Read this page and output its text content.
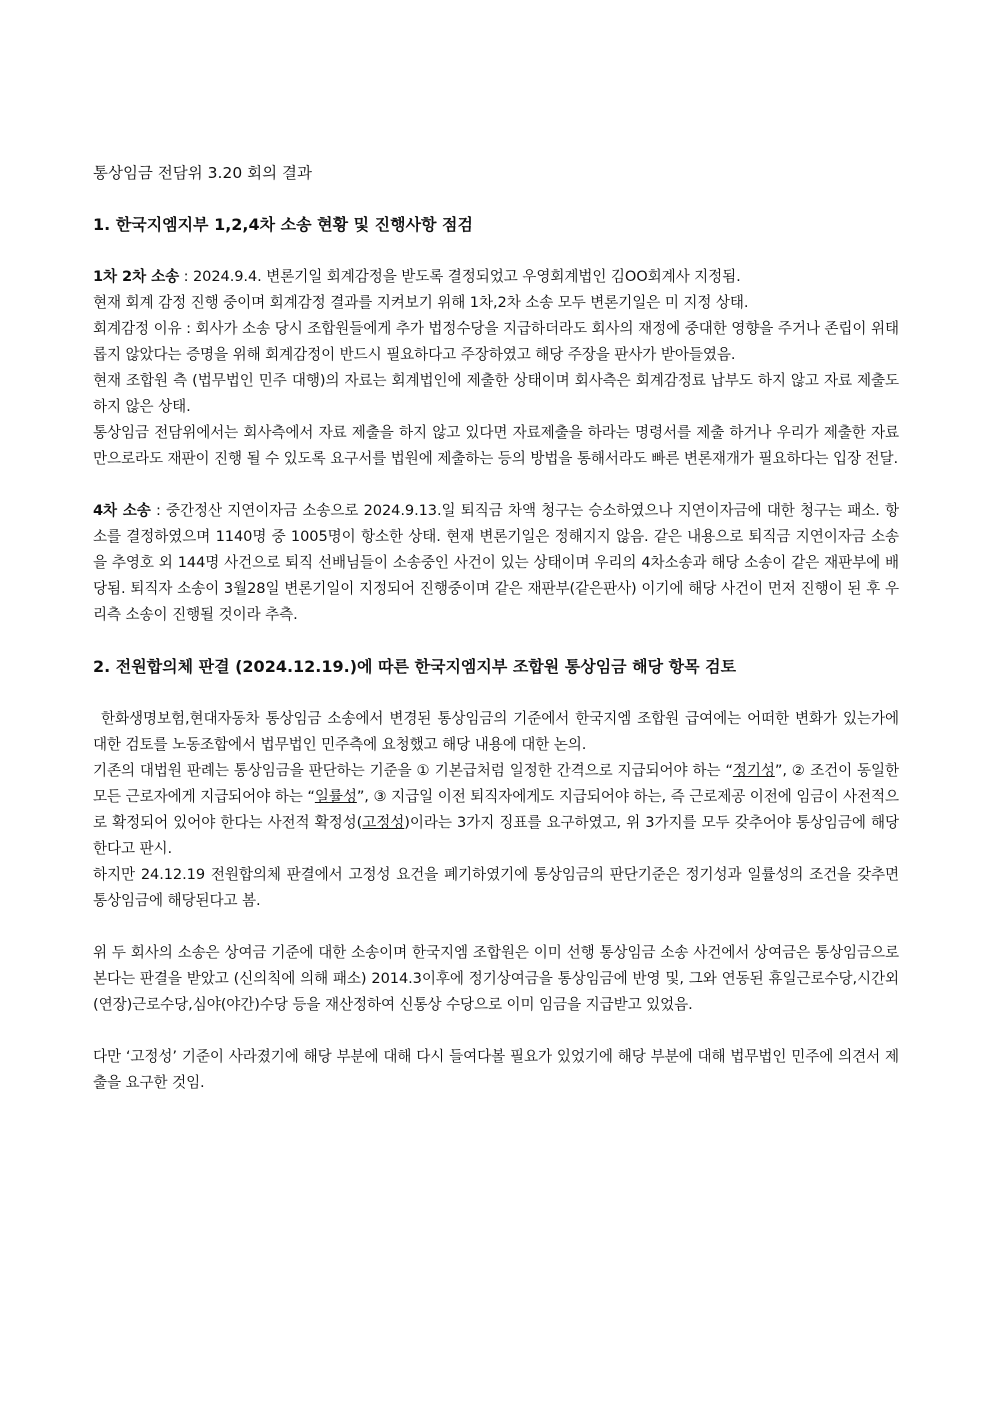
통상임금 전담위 3.20 회의 결과
1. 한국지엠지부 1,2,4차 소송 현황 및 진행사항 점검

1차 2차 소송 : 2024.9.4. 변론기일 회계감정을 받도록 결정되었고 우영회계법인 김OO회계사 지정됨.

현재 회계 감정 진행 중이며 회계감정 결과를 지켜보기 위해 1차,2차 소송 모두 변론기일은 미 지정 상태.

회계감정 이유 : 회사가 소송 당시 조합원들에게 추가 법정수당을 지급하더라도 회사의 재정에 중대한 영향을 주거나 존립이 위태롭지 않았다는 증명을 위해 회계감정이 반드시 필요하다고 주장하였고 해당 주장을 판사가 받아들였음.

현재 조합원 측 (법무법인 민주 대행)의 자료는 회계법인에 제출한 상태이며 회사측은 회계감정료 납부도 하지 않고 자료 제출도 하지 않은 상태.

통상임금 전담위에서는 회사측에서 자료 제출을 하지 않고 있다면 자료제출을 하라는 명령서를 제출 하거나 우리가 제출한 자료만으로라도 재판이 진행 될 수 있도록 요구서를 법원에 제출하는 등의 방법을 통해서라도 빠른 변론재개가 필요하다는 입장 전달.

4차 소송 : 중간정산 지연이자금 소송으로 2024.9.13.일 퇴직금 차액 청구는 승소하였으나 지연이자금에 대한 청구는 패소. 항소를 결정하였으며 1140명 중 1005명이 항소한 상태. 현재 변론기일은 정해지지 않음. 같은 내용으로 퇴직금 지연이자금 소송을 추영호 외 144명 사건으로 퇴직 선배님들이 소송중인 사건이 있는 상태이며 우리의 4차소송과 해당 소송이 같은 재판부에 배당됨. 퇴직자 소송이 3월28일 변론기일이 지정되어 진행중이며 같은 재판부(같은판사) 이기에 해당 사건이 먼저 진행이 된 후 우리측 소송이 진행될 것이라 추측.

2. 전원합의체 판결 (2024.12.19.)에 따른 한국지엠지부 조합원 통상임금 해당 항목 검토

한화생명보험,현대자동차 통상임금 소송에서 변경된 통상임금의 기준에서 한국지엠 조합원 급여에는 어떠한 변화가 있는가에 대한 검토를 노동조합에서 법무법인 민주측에 요청했고 해당 내용에 대한 논의.

기존의 대법원 판례는 통상임금을 판단하는 기준을 ① 기본급처럼 일정한 간격으로 지급되어야 하는 “정기성”, ② 조건이 동일한 모든 근로자에게 지급되어야 하는 “일률성”, ③ 지급일 이전 퇴직자에게도 지급되어야 하는, 즉 근로제공 이전에 임금이 사전적으로 확정되어 있어야 한다는 사전적 확정성(고정성)이라는 3가지 징표를 요구하였고, 위 3가지를 모두 갖추어야 통상임금에 해당한다고 판시.

하지만 24.12.19 전원합의체 판결에서 고정성 요건을 폐기하였기에 통상임금의 판단기준은 정기성과 일률성의 조건을 갖추면 통상임금에 해당된다고 봄.

위 두 회사의 소송은 상여금 기준에 대한 소송이며 한국지엠 조합원은 이미 선행 통상임금 소송 사건에서 상여금은 통상임금으로 본다는 판결을 받았고 (신의칙에 의해 패소) 2014.3이후에 정기상여금을 통상임금에 반영 및, 그와 연동된 휴일근로수당,시간외(연장)근로수당,심야(야간)수당 등을 재산정하여 신통상 수당으로 이미 임금을 지급받고 있었음.

다만 ‘고정성’ 기준이 사라졌기에 해당 부분에 대해 다시 들여다볼 필요가 있었기에 해당 부분에 대해 법무법인 민주에 의견서 제출을 요구한 것임.
